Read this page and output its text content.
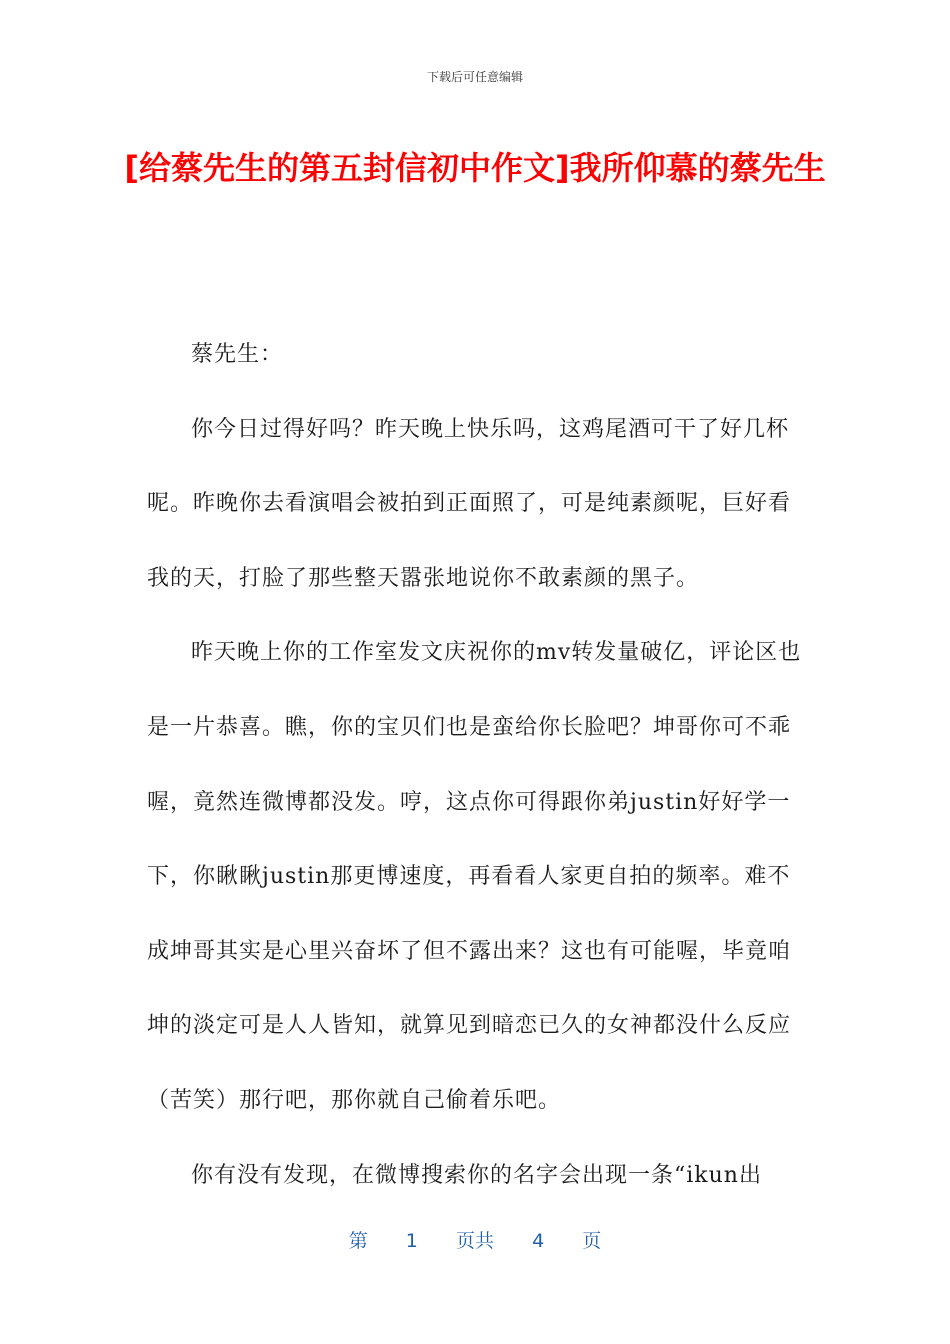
下载后可任意编辑
[给蔡先生的第五封信初中作文]我所仰慕的蔡先生

蔡先生：

你今日过得好吗？昨天晚上快乐吗，这鸡尾酒可干了好几杯呢。昨晚你去看演唱会被拍到正面照了，可是纯素颜呢，巨好看我的天，打脸了那些整天嚣张地说你不敢素颜的黑子。

昨天晚上你的工作室发文庆祝你的mv转发量破亿，评论区也是一片恭喜。瞧，你的宝贝们也是蛮给你长脸吧？坤哥你可不乖喔，竟然连微博都没发。哼，这点你可得跟你弟justin好好学一下，你瞅瞅justin那更博速度，再看看人家更自拍的频率。难不成坤哥其实是心里兴奋坏了但不露出来？这也有可能喔，毕竟咱坤的淡定可是人人皆知，就算见到暗恋已久的女神都没什么反应（苦笑）那行吧，那你就自己偷着乐吧。

你有没有发现，在微博搜索你的名字会出现一条“ikun出

第 1 页共 4 页
